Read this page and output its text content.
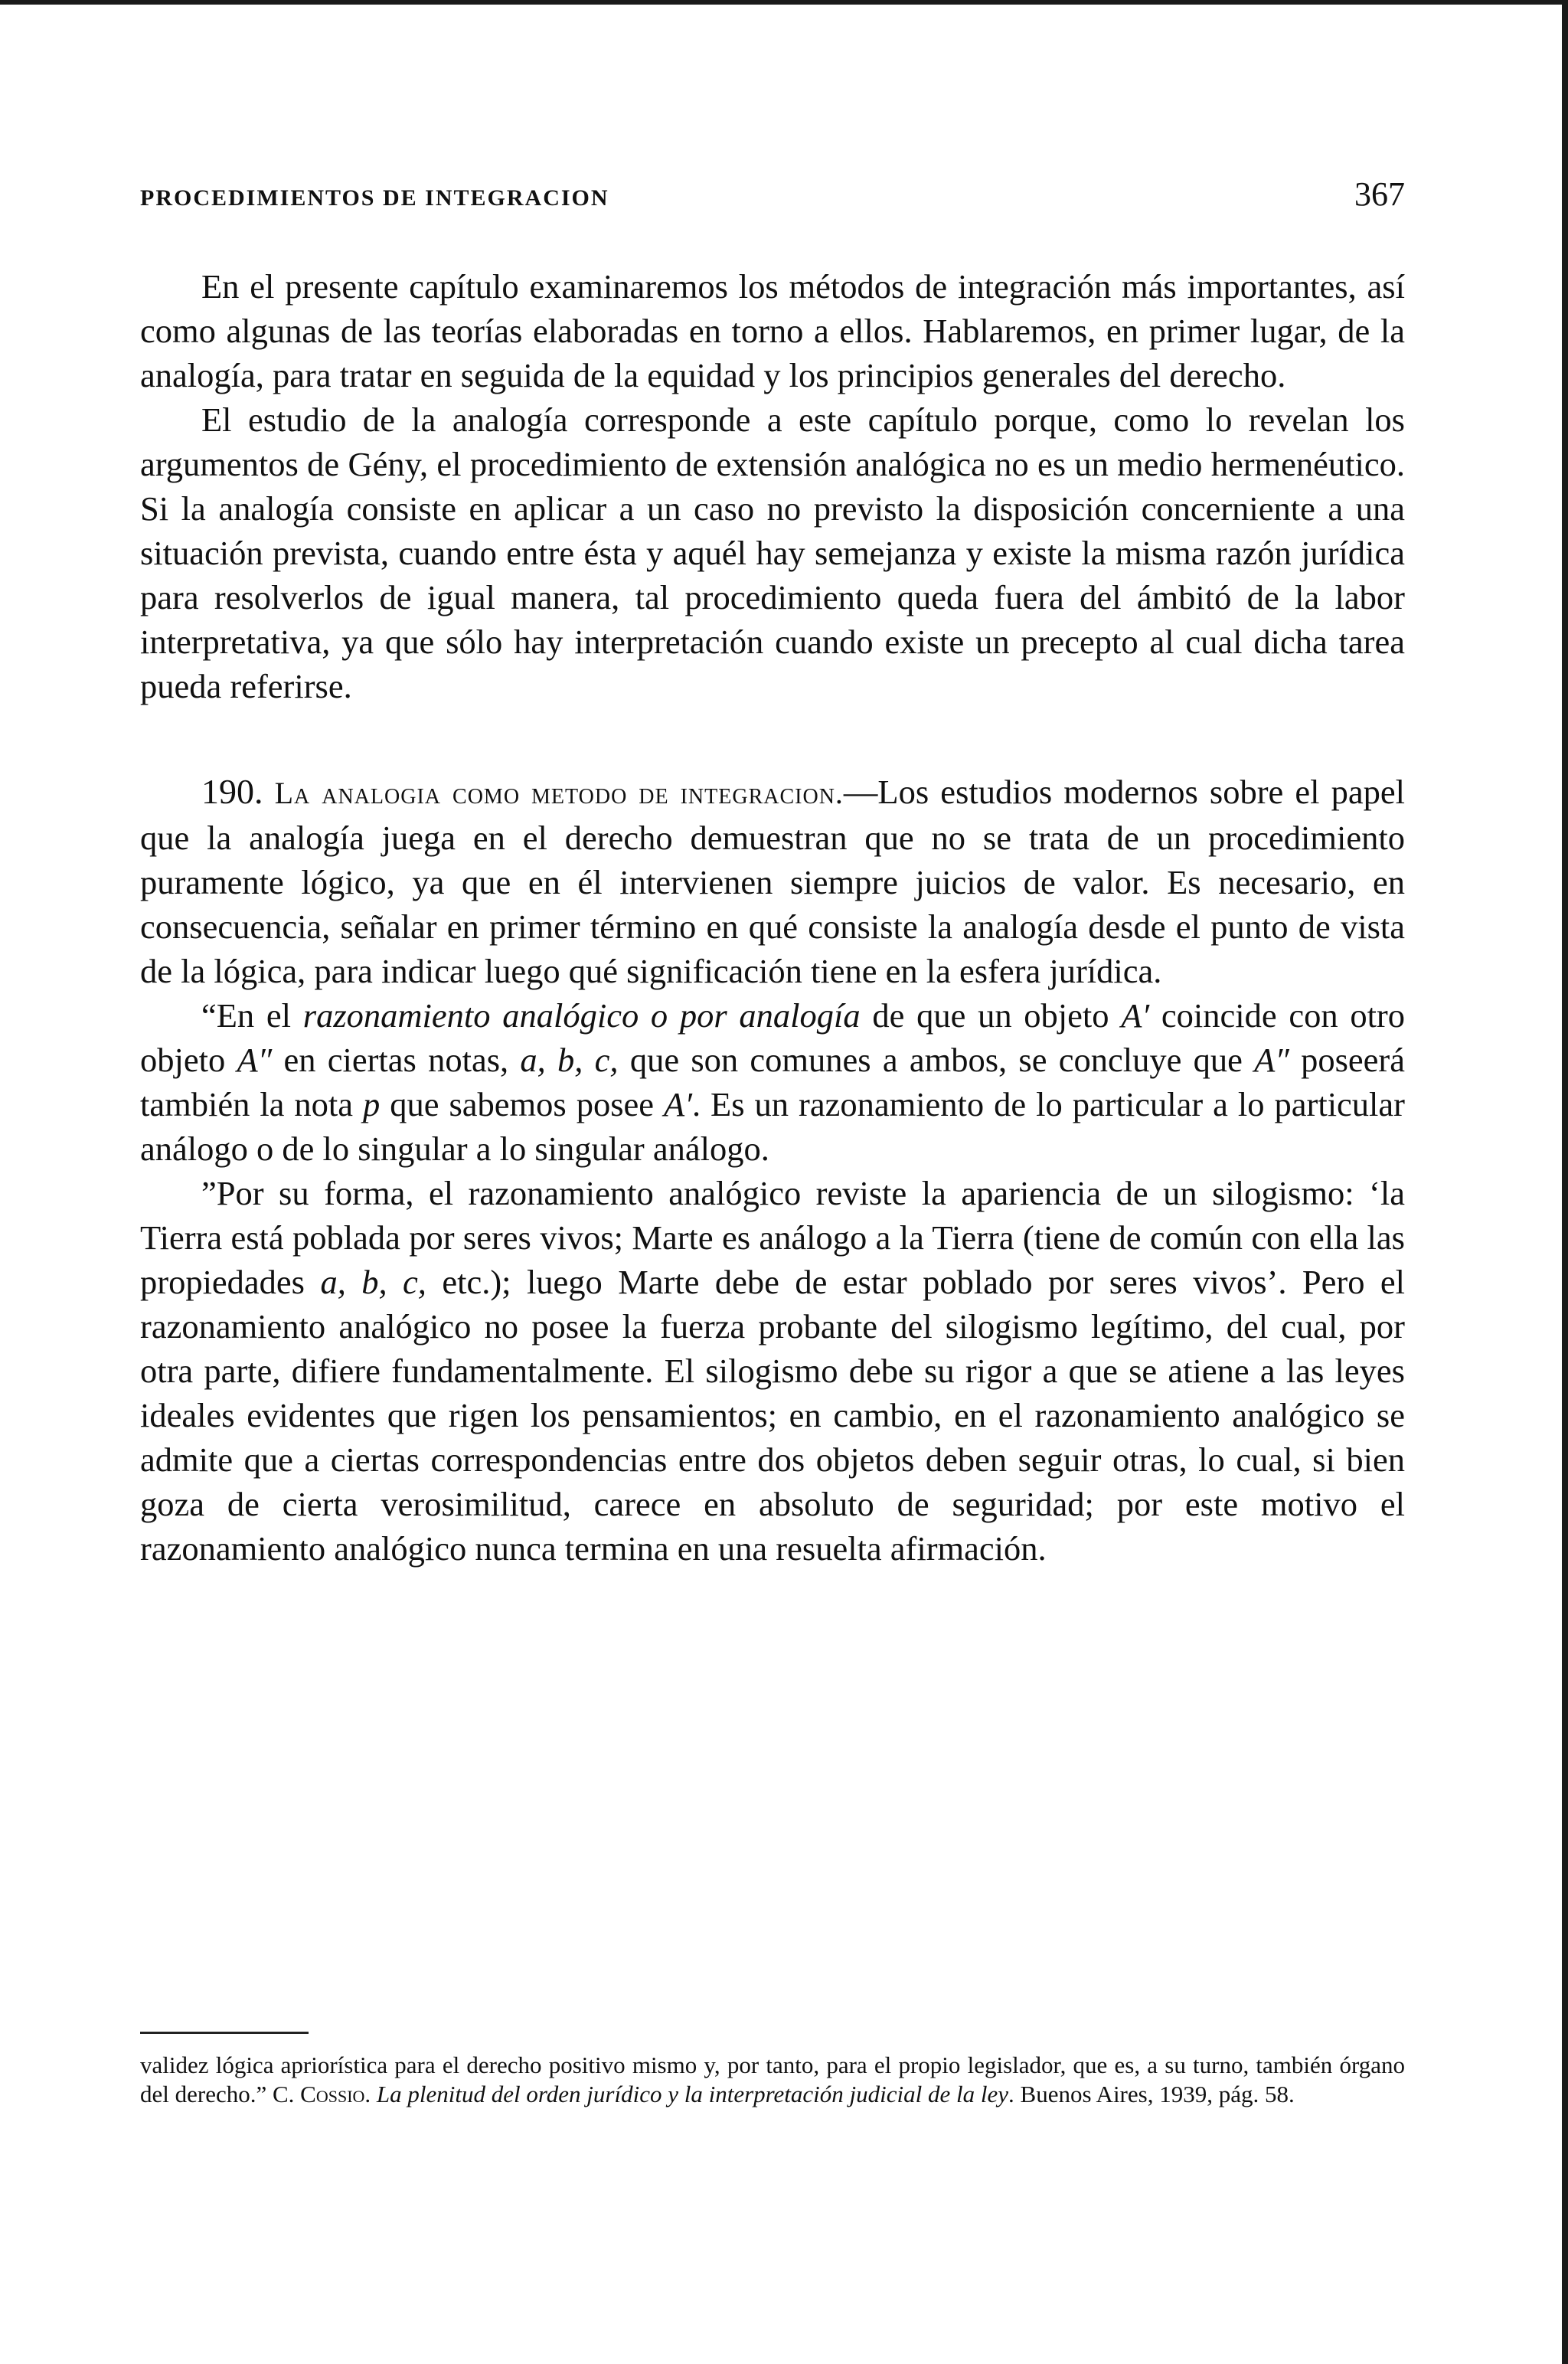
PROCEDIMIENTOS DE INTEGRACION	367

En el presente capítulo examinaremos los métodos de integración más importantes, así como algunas de las teorías elaboradas en torno a ellos. Hablaremos, en primer lugar, de la analogía, para tratar en seguida de la equidad y los principios generales del derecho.

El estudio de la analogía corresponde a este capítulo porque, como lo revelan los argumentos de Gény, el procedimiento de extensión analógica no es un medio hermenéutico. Si la analogía consiste en aplicar a un caso no previsto la disposición concerniente a una situación prevista, cuando entre ésta y aquél hay semejanza y existe la misma razón jurídica para resolverlos de igual manera, tal procedimiento queda fuera del ámbitó de la labor interpretativa, ya que sólo hay interpretación cuando existe un precepto al cual dicha tarea pueda referirse.

190. La analogia como metodo de integracion.—Los estudios modernos sobre el papel que la analogía juega en el derecho demuestran que no se trata de un procedimiento puramente lógico, ya que en él intervienen siempre juicios de valor. Es necesario, en consecuencia, señalar en primer término en qué consiste la analogía desde el punto de vista de la lógica, para indicar luego qué significación tiene en la esfera jurídica.

“En el razonamiento analógico o por analogía de que un objeto A′ coincide con otro objeto A″ en ciertas notas, a, b, c, que son comunes a ambos, se concluye que A″ poseerá también la nota p que sabemos posee A′. Es un razonamiento de lo particular a lo particular análogo o de lo singular a lo singular análogo.

”Por su forma, el razonamiento analógico reviste la apariencia de un silogismo: ‘la Tierra está poblada por seres vivos; Marte es análogo a la Tierra (tiene de común con ella las propiedades a, b, c, etc.); luego Marte debe de estar poblado por seres vivos’. Pero el razonamiento analógico no posee la fuerza probante del silogismo legítimo, del cual, por otra parte, difiere fundamentalmente. El silogismo debe su rigor a que se atiene a las leyes ideales evidentes que rigen los pensamientos; en cambio, en el razonamiento analógico se admite que a ciertas correspondencias entre dos objetos deben seguir otras, lo cual, si bien goza de cierta verosimilitud, carece en absoluto de seguridad; por este motivo el razonamiento analógico nunca termina en una resuelta afirmación.

validez lógica apriorística para el derecho positivo mismo y, por tanto, para el propio legislador, que es, a su turno, también órgano del derecho.” C. Cossio. La plenitud del orden jurídico y la interpretación judicial de la ley. Buenos Aires, 1939, pág. 58.
